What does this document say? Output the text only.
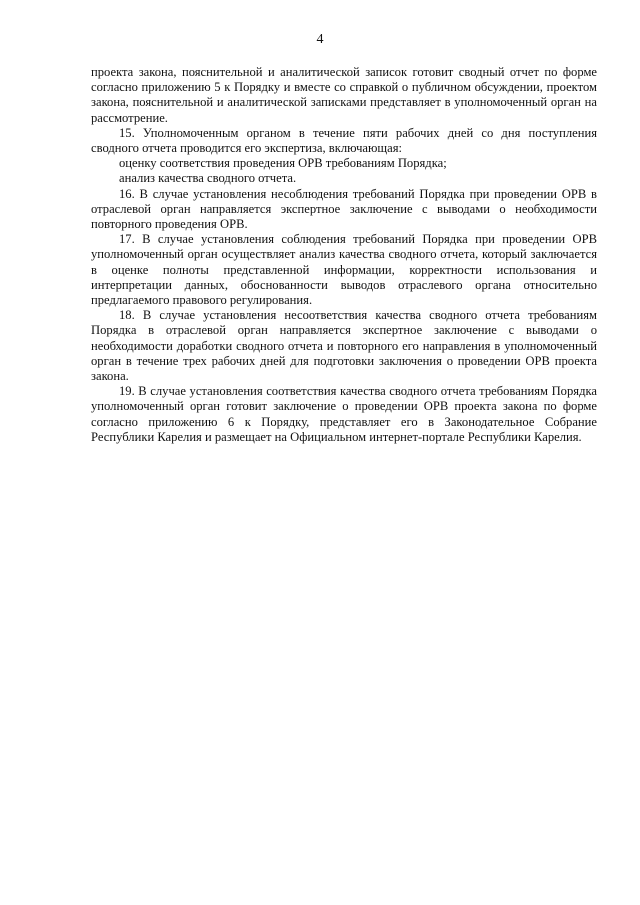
4

проекта закона, пояснительной и аналитической записок готовит сводный отчет по форме согласно приложению 5 к Порядку и вместе со справкой о публичном обсуждении, проектом закона, пояснительной и аналитической записками представляет в уполномоченный орган на рассмотрение.

15. Уполномоченным органом в течение пяти рабочих дней со дня поступления сводного отчета проводится его экспертиза, включающая:

оценку соответствия проведения ОРВ требованиям Порядка;

анализ качества сводного отчета.

16. В случае установления несоблюдения требований Порядка при проведении ОРВ в отраслевой орган направляется экспертное заключение с выводами о необходимости повторного проведения ОРВ.

17. В случае установления соблюдения требований Порядка при проведении ОРВ уполномоченный орган осуществляет анализ качества сводного отчета, который заключается в оценке полноты представленной информации, корректности использования и интерпретации данных, обоснованности выводов отраслевого органа относительно предлагаемого правового регулирования.

18. В случае установления несоответствия качества сводного отчета требованиям Порядка в отраслевой орган направляется экспертное заключение с выводами о необходимости доработки сводного отчета и повторного его направления в уполномоченный орган в течение трех рабочих дней для подготовки заключения о проведении ОРВ проекта закона.

19. В случае установления соответствия качества сводного отчета требованиям Порядка уполномоченный орган готовит заключение о проведении ОРВ проекта закона по форме согласно приложению 6 к Порядку, представляет его в Законодательное Собрание Республики Карелия и размещает на Официальном интернет-портале Республики Карелия.
